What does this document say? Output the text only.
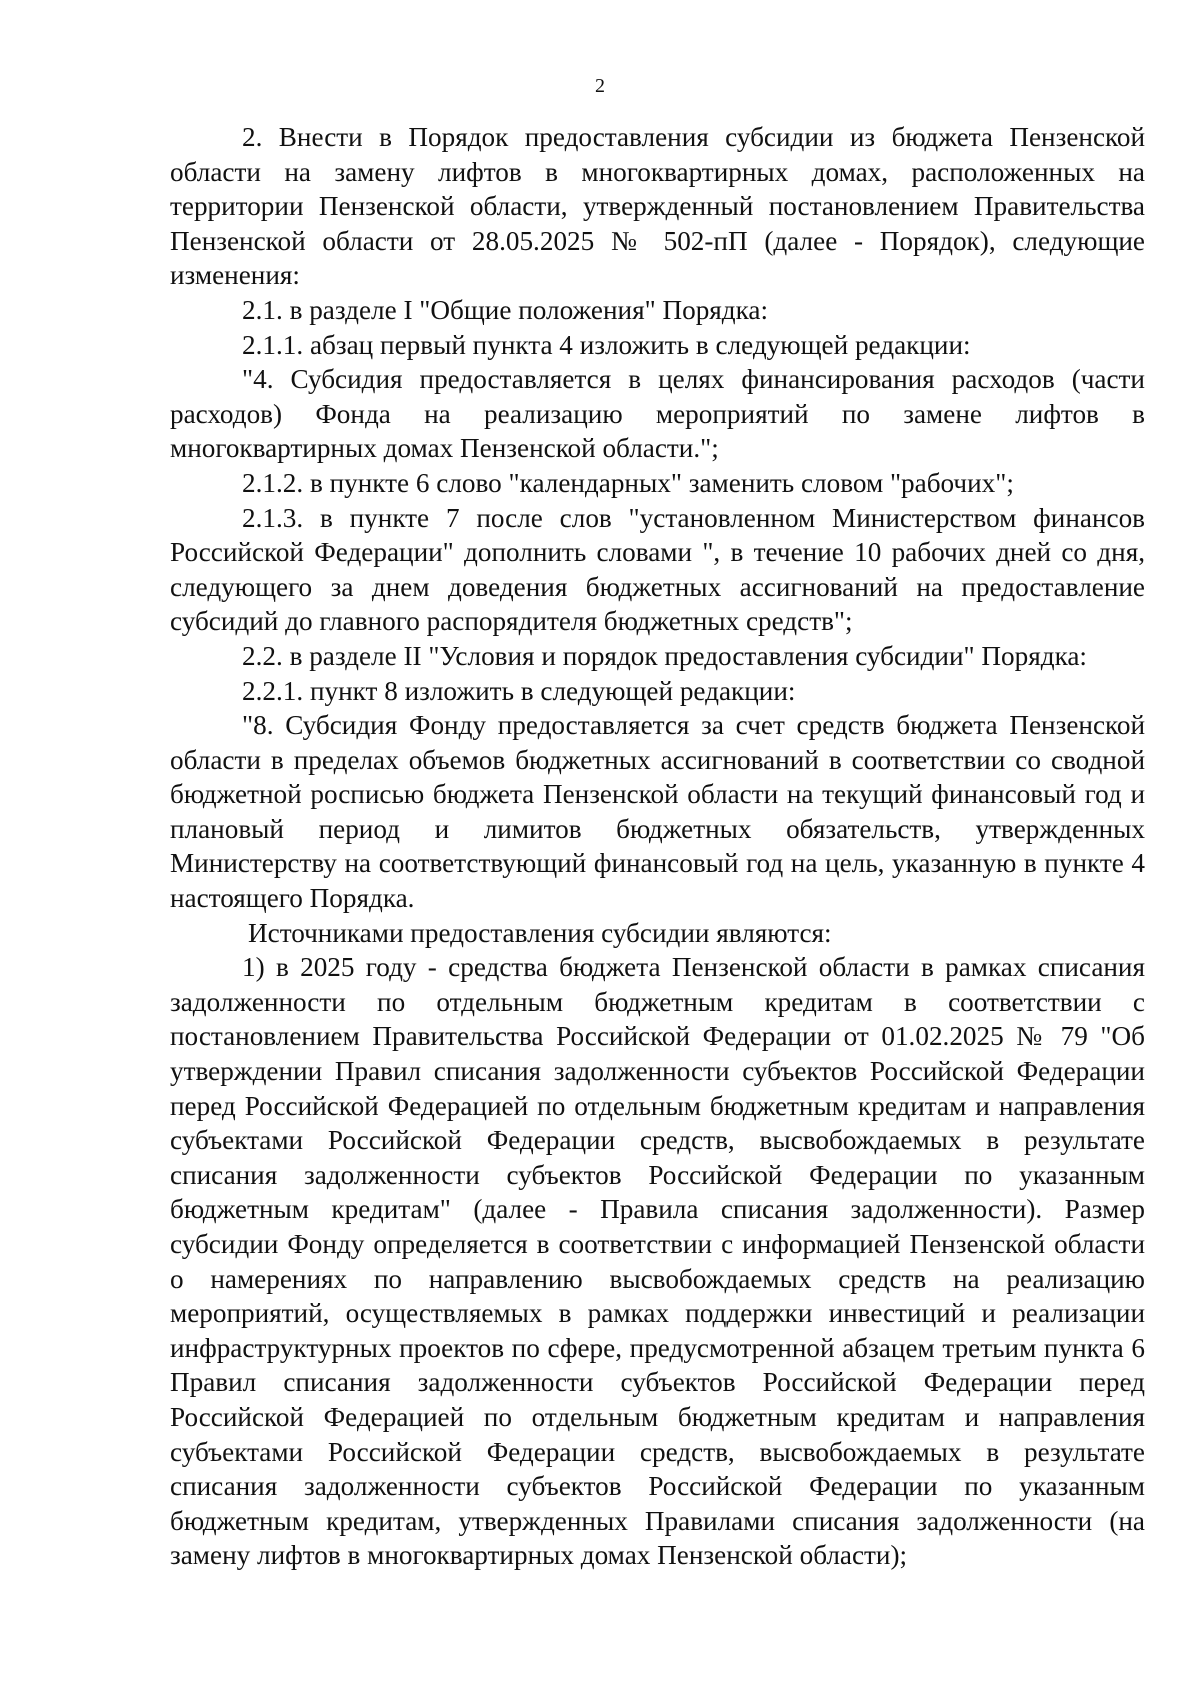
2

2. Внести в Порядок предоставления субсидии из бюджета Пензенской области на замену лифтов в многоквартирных домах, расположенных на территории Пензенской области, утвержденный постановлением Правительства Пензенской области от 28.05.2025 № 502-пП (далее - Порядок), следующие изменения:

2.1. в разделе I "Общие положения" Порядка:

2.1.1. абзац первый пункта 4 изложить в следующей редакции:

"4. Субсидия предоставляется в целях финансирования расходов (части расходов) Фонда на реализацию мероприятий по замене лифтов в многоквартирных домах Пензенской области.";

2.1.2. в пункте 6 слово "календарных" заменить словом "рабочих";

2.1.3. в пункте 7 после слов "установленном Министерством финансов Российской Федерации" дополнить словами ", в течение 10 рабочих дней со дня, следующего за днем доведения бюджетных ассигнований на предоставление субсидий до главного распорядителя бюджетных средств";

2.2. в разделе II "Условия и порядок предоставления субсидии" Порядка:

2.2.1. пункт 8 изложить в следующей редакции:

"8. Субсидия Фонду предоставляется за счет средств бюджета Пензенской области в пределах объемов бюджетных ассигнований в соответствии со сводной бюджетной росписью бюджета Пензенской области на текущий финансовый год и плановый период и лимитов бюджетных обязательств, утвержденных Министерству на соответствующий финансовый год на цель, указанную в пункте 4 настоящего Порядка.

Источниками предоставления субсидии являются:

1) в 2025 году - средства бюджета Пензенской области в рамках списания задолженности по отдельным бюджетным кредитам в соответствии с постановлением Правительства Российской Федерации от 01.02.2025 № 79 "Об утверждении Правил списания задолженности субъектов Российской Федерации перед Российской Федерацией по отдельным бюджетным кредитам и направления субъектами Российской Федерации средств, высвобождаемых в результате списания задолженности субъектов Российской Федерации по указанным бюджетным кредитам" (далее - Правила списания задолженности). Размер субсидии Фонду определяется в соответствии с информацией Пензенской области о намерениях по направлению высвобождаемых средств на реализацию мероприятий, осуществляемых в рамках поддержки инвестиций и реализации инфраструктурных проектов по сфере, предусмотренной абзацем третьим пункта 6 Правил списания задолженности субъектов Российской Федерации перед Российской Федерацией по отдельным бюджетным кредитам и направления субъектами Российской Федерации средств, высвобождаемых в результате списания задолженности субъектов Российской Федерации по указанным бюджетным кредитам, утвержденных Правилами списания задолженности (на замену лифтов в многоквартирных домах Пензенской области);
